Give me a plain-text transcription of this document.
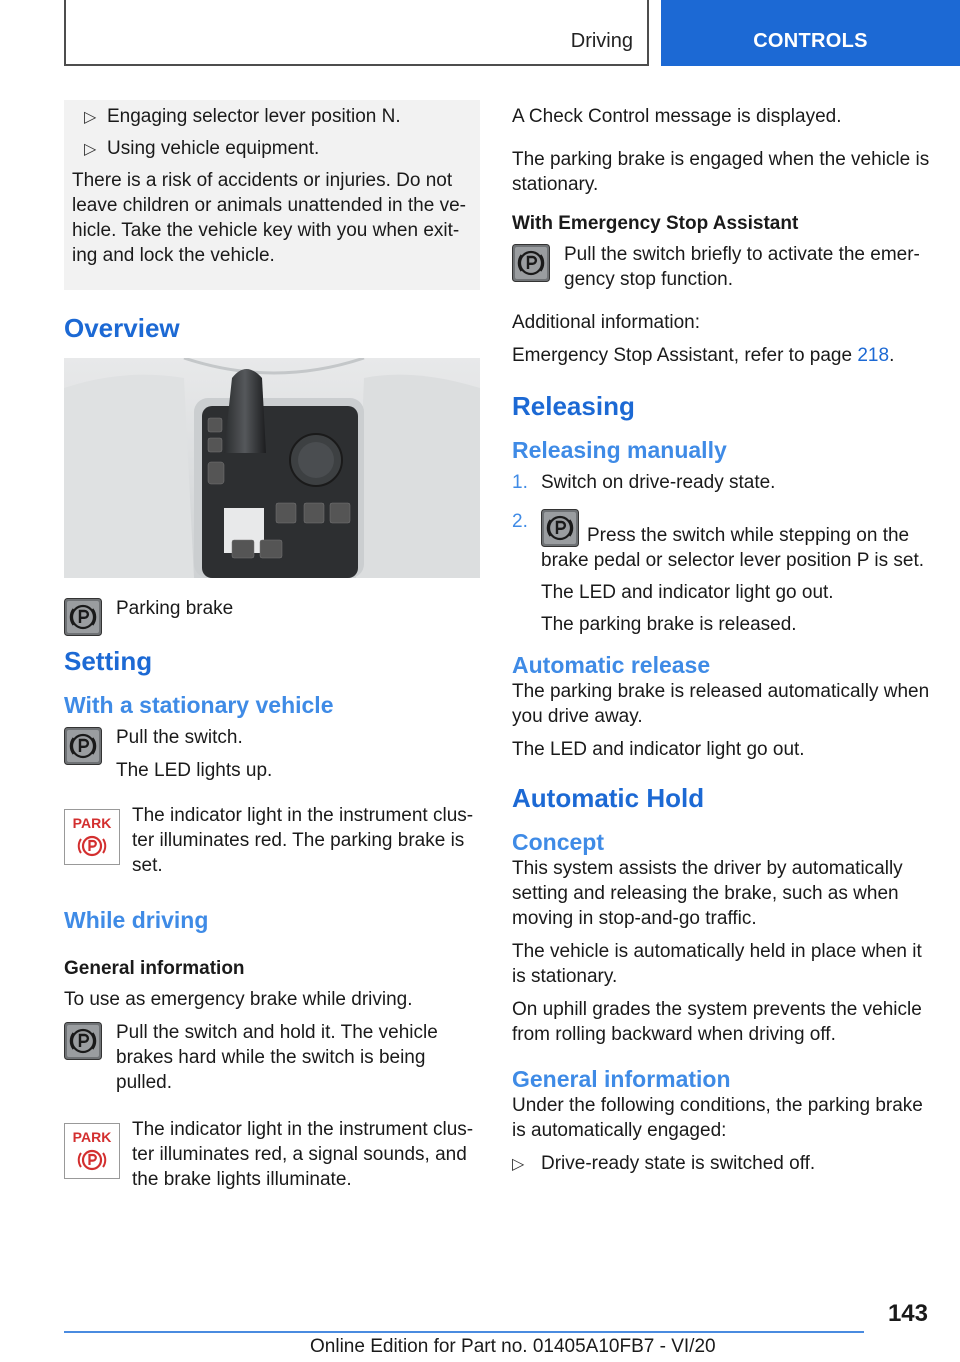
Driving	CONTROLS
▷ Engaging selector lever position N.
▷ Using vehicle equipment.

There is a risk of accidents or injuries. Do not leave children or animals unattended in the ve-hicle. Take the vehicle key with you when exit-ing and lock the vehicle.

Overview

Parking brake

Setting
With a stationary vehicle

Pull the switch.

The LED lights up.

The indicator light in the instrument clus-ter illuminates red. The parking brake is set.

While driving
General information

To use as emergency brake while driving.

Pull the switch and hold it. The vehicle brakes hard while the switch is being pulled.

The indicator light in the instrument clus-ter illuminates red, a signal sounds, and the brake lights illuminate.

A Check Control message is displayed.

The parking brake is engaged when the vehicle is stationary.

With Emergency Stop Assistant

Pull the switch briefly to activate the emer-gency stop function.

Additional information:

Emergency Stop Assistant, refer to page 218.

Releasing
Releasing manually
1. Switch on drive-ready state.
2.
Press the switch while stepping on the brake pedal or selector lever position P is set.

The LED and indicator light go out.

The parking brake is released.

Automatic release

The parking brake is released automatically when you drive away.

The LED and indicator light go out.

Automatic Hold
Concept

This system assists the driver by automatically setting and releasing the brake, such as when moving in stop-and-go traffic.

The vehicle is automatically held in place when it is stationary.

On uphill grades the system prevents the vehicle from rolling backward when driving off.

General information

Under the following conditions, the parking brake is automatically engaged:

▷ Drive-ready state is switched off.
143
Online Edition for Part no. 01405A10FB7 - VI/20
